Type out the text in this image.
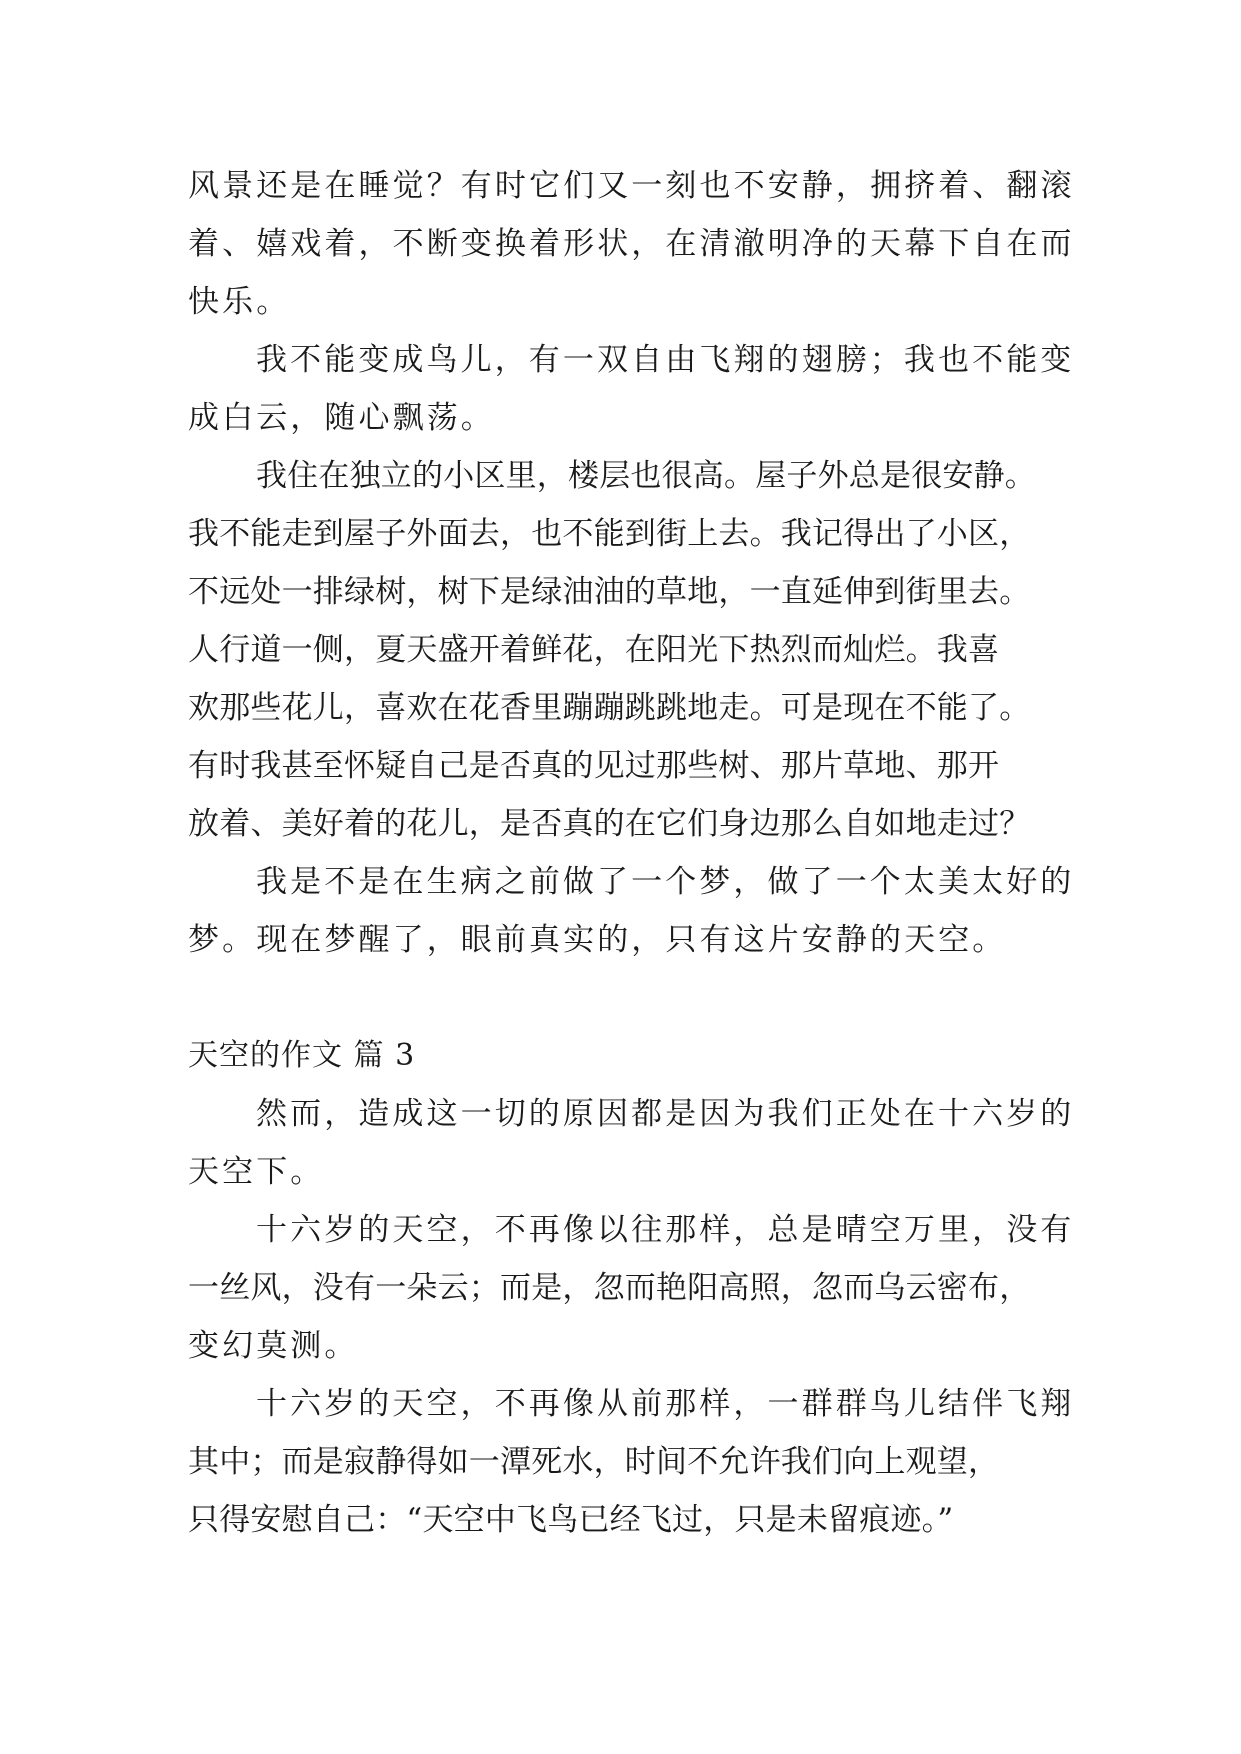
风景还是在睡觉？有时它们又一刻也不安静，拥挤着、翻滚
着、嬉戏着，不断变换着形状，在清澈明净的天幕下自在而
快乐。
我不能变成鸟儿，有一双自由飞翔的翅膀；我也不能变
成白云，随心飘荡。
我住在独立的小区里，楼层也很高。屋子外总是很安静。
我不能走到屋子外面去，也不能到街上去。我记得出了小区，
不远处一排绿树，树下是绿油油的草地，一直延伸到街里去。
人行道一侧，夏天盛开着鲜花，在阳光下热烈而灿烂。我喜
欢那些花儿，喜欢在花香里蹦蹦跳跳地走。可是现在不能了。
有时我甚至怀疑自己是否真的见过那些树、那片草地、那开
放着、美好着的花儿，是否真的在它们身边那么自如地走过？
我是不是在生病之前做了一个梦，做了一个太美太好的
梦。现在梦醒了，眼前真实的，只有这片安静的天空。
天空的作文 篇 3
然而，造成这一切的原因都是因为我们正处在十六岁的
天空下。
十六岁的天空，不再像以往那样，总是晴空万里，没有
一丝风，没有一朵云；而是，忽而艳阳高照，忽而乌云密布，
变幻莫测。
十六岁的天空，不再像从前那样，一群群鸟儿结伴飞翔
其中；而是寂静得如一潭死水，时间不允许我们向上观望，
只得安慰自己：“天空中飞鸟已经飞过，只是未留痕迹。”
